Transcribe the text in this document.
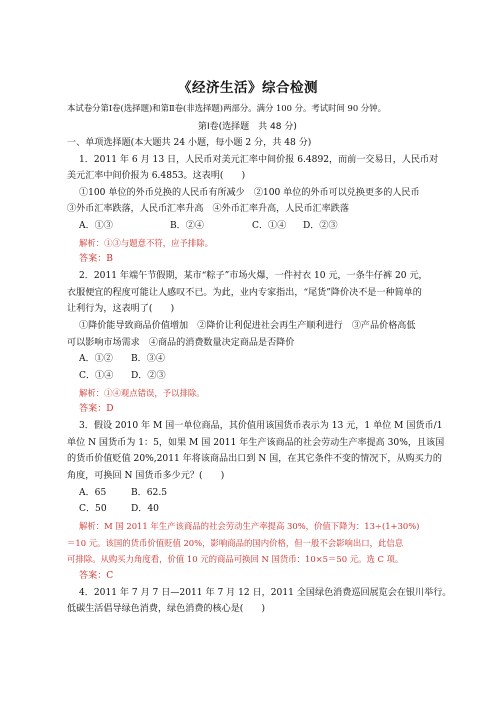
《经济生活》综合检测
本试卷分第Ⅰ卷(选择题)和第Ⅱ卷(非选择题)两部分。满分 100 分。考试时间 90 分钟。
第Ⅰ卷(选择题　共 48 分)
一、单项选择题(本大题共 24 小题，每小题 2 分，共 48 分)
1．2011 年 6 月 13 日，人民币对美元汇率中间价报 6.4892，而前一交易日，人民币对
美元汇率中间价报为 6.4853。这表明(　　)
①100 单位的外币兑换的人民币有所减少　②100 单位的外币可以兑换更多的人民币
③外币汇率跌落，人民币汇率升高　④外币汇率升高，人民币汇率跌落
A．①③	B．②④	C．①④ D．②③
解析：①③与题意不符，应予排除。
答案：B
2．2011 年端午节假期，某市“粽子”市场火爆，一件衬衣 10 元，一条牛仔裤 20 元，
衣服便宜的程度可能让人感叹不已。为此，业内专家指出，“尾货”降价决不是一种简单的
让利行为，这表明了(　　)
①降价能导致商品价值增加　②降价让利促进社会再生产顺利进行　③产品价格高低
可以影响市场需求　④商品的消费数量决定商品是否降价
A．①② B．③④
C．①④ D．②③
解析：①④观点错误，予以排除。
答案：D
3．假设 2010 年 M 国一单位商品，其价值用该国货币表示为 13 元，1 单位 M 国货币/1
单位 N 国货币为 1：5，如果 M 国 2011 年生产该商品的社会劳动生产率提高 30%，且该国
的货币价值贬值 20%,2011 年将该商品出口到 N 国，在其它条件不变的情况下，从购买力的
角度，可换回 N 国货币多少元？(　　)
A．65	B．62.5
C．50	D．40
解析：M 国 2011 年生产该商品的社会劳动生产率提高 30%，价值下降为：13÷(1+30%)
＝10 元。该国的货币价值贬值 20%，影响商品的国内价格，但一般不会影响出口，此信息
可排除。从购买力角度看，价值 10 元的商品可换回 N 国货币：10×5＝50 元。选 C 项。
答案：C
4．2011 年 7 月 7 日—2011 年 7 月 12 日，2011 全国绿色消费巡回展览会在银川举行。
低碳生活倡导绿色消费，绿色消费的核心是(　　)
